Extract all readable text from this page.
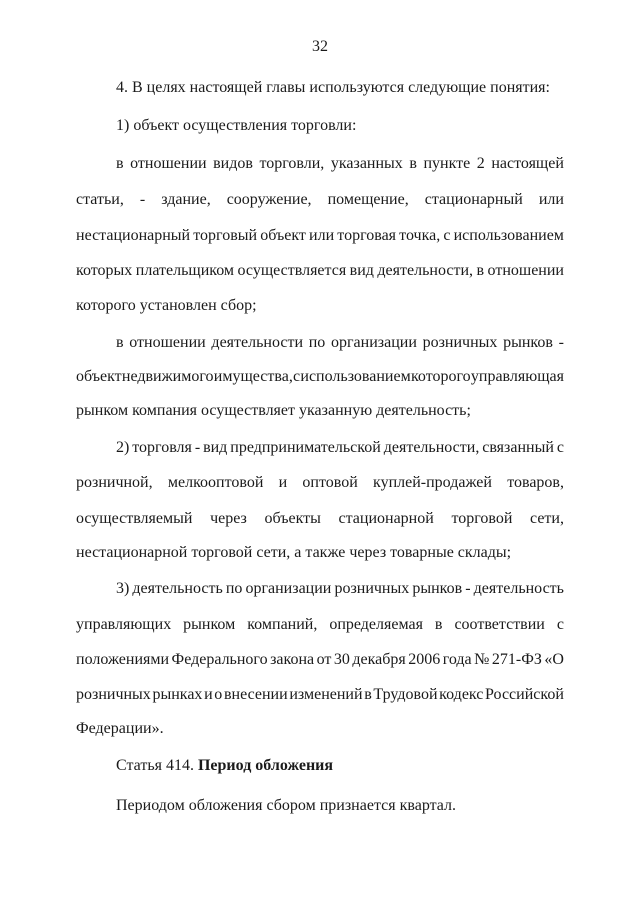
32
4. В целях настоящей главы используются следующие понятия:
1) объект осуществления торговли:
в отношении видов торговли, указанных в пункте 2 настоящей
статьи, - здание, сооружение, помещение, стационарный или
нестационарный торговый объект или торговая точка, с использованием
которых плательщиком осуществляется вид деятельности, в отношении
которого установлен сбор;
в отношении деятельности по организации розничных рынков -
объект недвижимого имущества, с использованием которого управляющая
рынком компания осуществляет указанную деятельность;
2) торговля - вид предпринимательской деятельности, связанный с
розничной, мелкооптовой и оптовой куплей-продажей товаров,
осуществляемый через объекты стационарной торговой сети,
нестационарной торговой сети, а также через товарные склады;
3) деятельность по организации розничных рынков - деятельность
управляющих рынком компаний, определяемая в соответствии с
положениями Федерального закона от 30 декабря 2006 года № 271-ФЗ «О
розничных рынках и о внесении изменений в Трудовой кодекс Российской
Федерации».
Статья 414. Период обложения
Периодом обложения сбором признается квартал.
